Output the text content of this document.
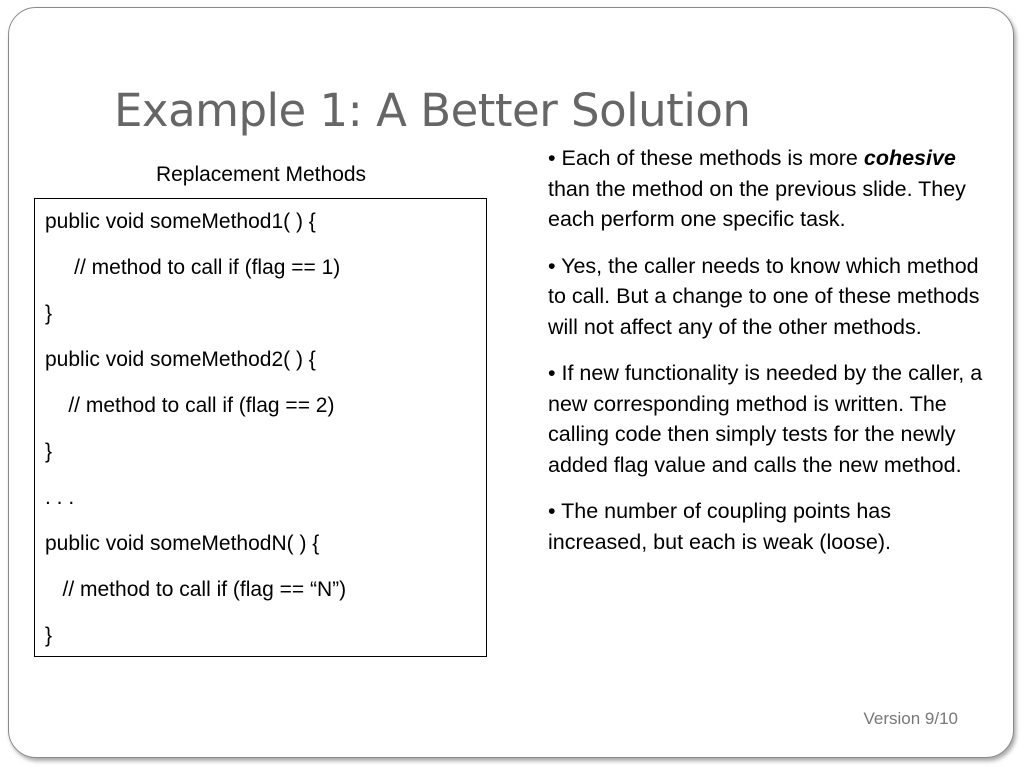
Example 1: A Better Solution
Replacement Methods
public void someMethod1( ) {
// method to call if (flag == 1)
}
public void someMethod2( ) {
// method to call if (flag == 2)
}
. . .
public void someMethodN( ) {
// method to call if (flag == “N”)
}

• Each of these methods is more cohesive than the method on the previous slide. They each perform one specific task.

• Yes, the caller needs to know which method to call. But a change to one of these methods will not affect any of the other methods.

• If new functionality is needed by the caller, a new corresponding method is written. The calling code then simply tests for the newly added flag value and calls the new method.

• The number of coupling points has increased, but each is weak (loose).

Version 9/10
